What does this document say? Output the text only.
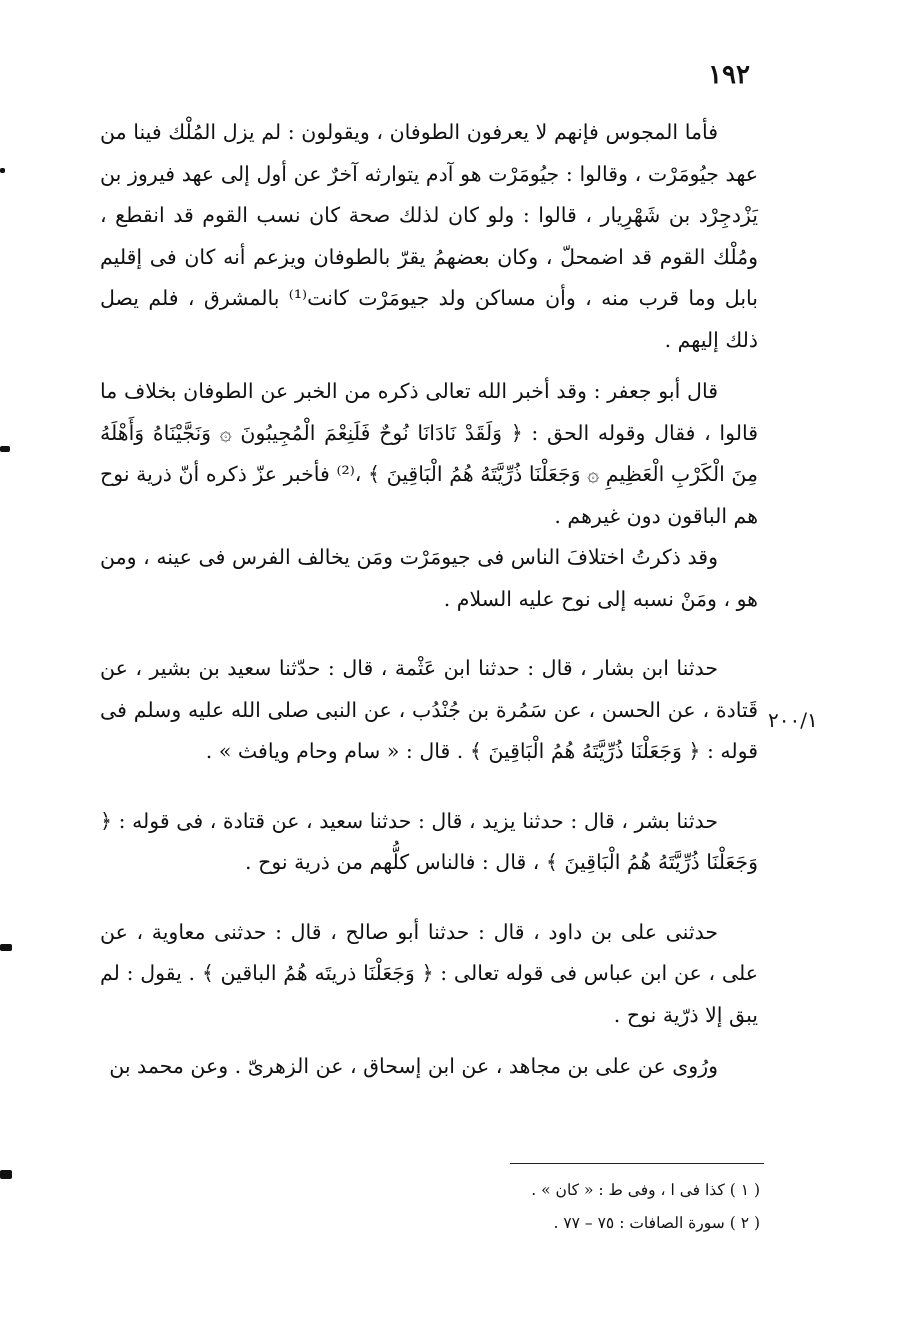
١٩٢

فأما المجوس فإنهم لا يعرفون الطوفان ، ويقولون : لم يزل المُلْك فينا من عهد جيُومَرْت ، وقالوا : جيُومَرْت هو آدم يتوارثه آخرٌ عن أول إلى عهد فيروز بن يَزْدجِرْد بن شَهْرِيار ، قالوا : ولو كان لذلك صحة كان نسب القوم قد انقطع ، ومُلْك القوم قد اضمحلّ ، وكان بعضهمُ يقرّ بالطوفان ويزعم أنه كان فى إقليم بابل وما قرب منه ، وأن مساكن ولد جيومَرْت كانت⁽¹⁾ بالمشرق ، فلم يصل ذلك إليهم .

قال أبو جعفر : وقد أخبر الله تعالى ذكره من الخبر عن الطوفان بخلاف ما قالوا ، فقال وقوله الحق : ﴿ وَلَقَدْ نَادَانَا نُوحٌ فَلَنِعْمَ الْمُجِيبُونَ ۞ وَنَجَّيْنَاهُ وَأَهْلَهُ مِنَ الْكَرْبِ الْعَظِيمِ ۞ وَجَعَلْنَا ذُرِّيَّتَهُ هُمُ الْبَاقِينَ ﴾ ،⁽²⁾ فأخبر عزّ ذكره أنّ ذرية نوح هم الباقون دون غيرهم .

وقد ذكرتُ اختلافَ الناس فى جيومَرْت ومَن يخالف الفرس فى عينه ، ومن هو ، ومَنْ نسبه إلى نوح عليه السلام .

حدثنا ابن بشار ، قال : حدثنا ابن عَثْمة ، قال : حدّثنا سعيد بن بشير ، عن قَتادة ، عن الحسن ، عن سَمُرة بن جُنْدُب ، عن النبى صلى الله عليه وسلم فى قوله : ﴿ وَجَعَلْنَا ذُرِّيَّتَهُ هُمُ الْبَاقِينَ ﴾ . قال : « سام وحام ويافث » .

حدثنا بشر ، قال : حدثنا يزيد ، قال : حدثنا سعيد ، عن قتادة ، فى قوله : ﴿ وَجَعَلْنَا ذُرِّيَّتَهُ هُمُ الْبَاقِينَ ﴾ ، قال : فالناس كلُّهم من ذرية نوح .

حدثنى على بن داود ، قال : حدثنا أبو صالح ، قال : حدثنى معاوية ، عن على ، عن ابن عباس فى قوله تعالى : ﴿ وَجَعَلْنَا ذريتَه هُمُ الباقين ﴾ . يقول : لم يبق إلا ذرّية نوح .

ورُوى عن على بن مجاهد ، عن ابن إسحاق ، عن الزهرىّ . وعن محمد بن

٢٠٠/١
( ١ ) كذا فى ا ، وفى ط : « كان » .
( ٢ ) سورة الصافات : ٧٥ – ٧٧ .
